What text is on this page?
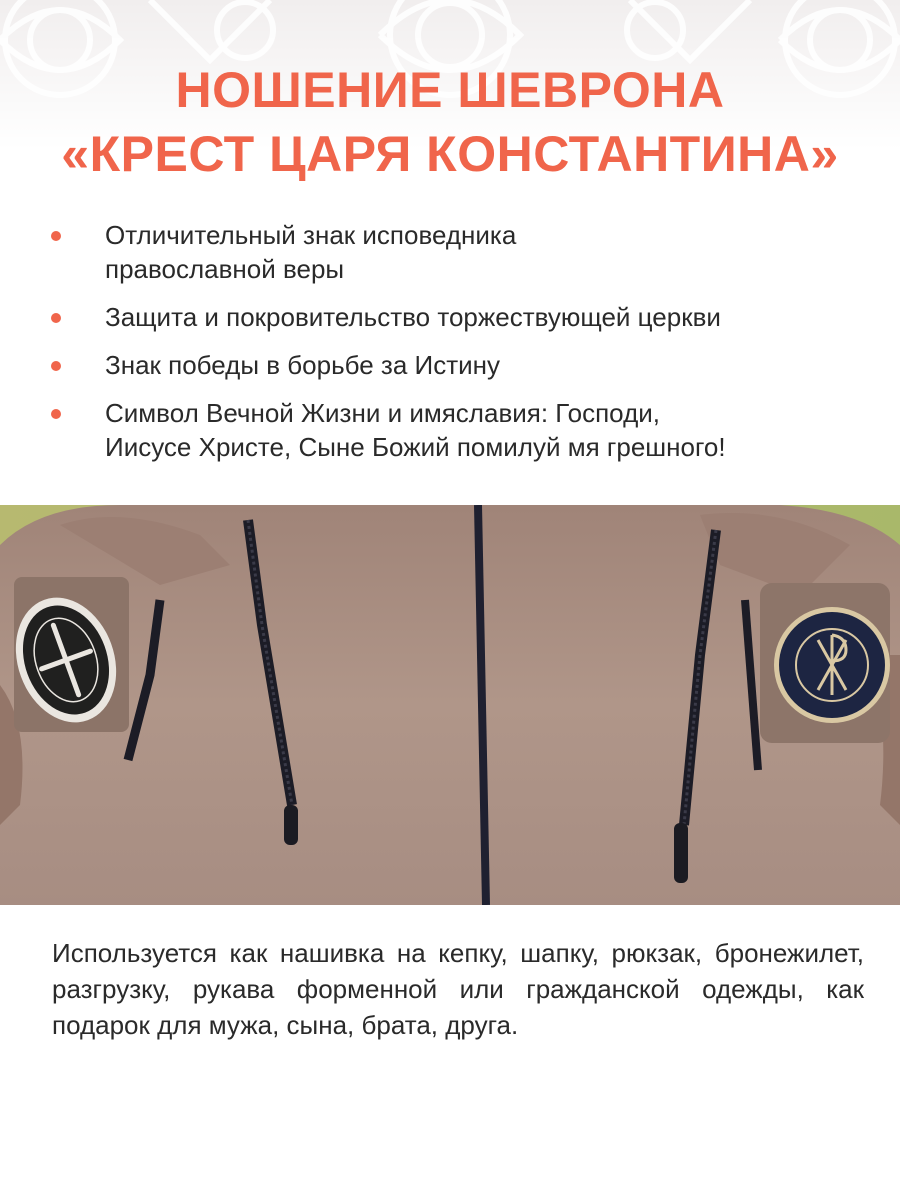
НОШЕНИЕ ШЕВРОНА
«КРЕСТ ЦАРЯ КОНСТАНТИНА»
Отличительный знак исповедника
православной веры
Защита и покровительство торжествующей церкви
Знак победы в борьбе за Истину
Символ Вечной Жизни и имяславия: Господи,
Иисусе Христе, Сыне Божий помилуй мя грешного!
Используется как нашивка на кепку, шапку, рюкзак, бронежилет, разгрузку, рукава форменной или гражданской одежды, как подарок для мужа, сына, брата, друга.
